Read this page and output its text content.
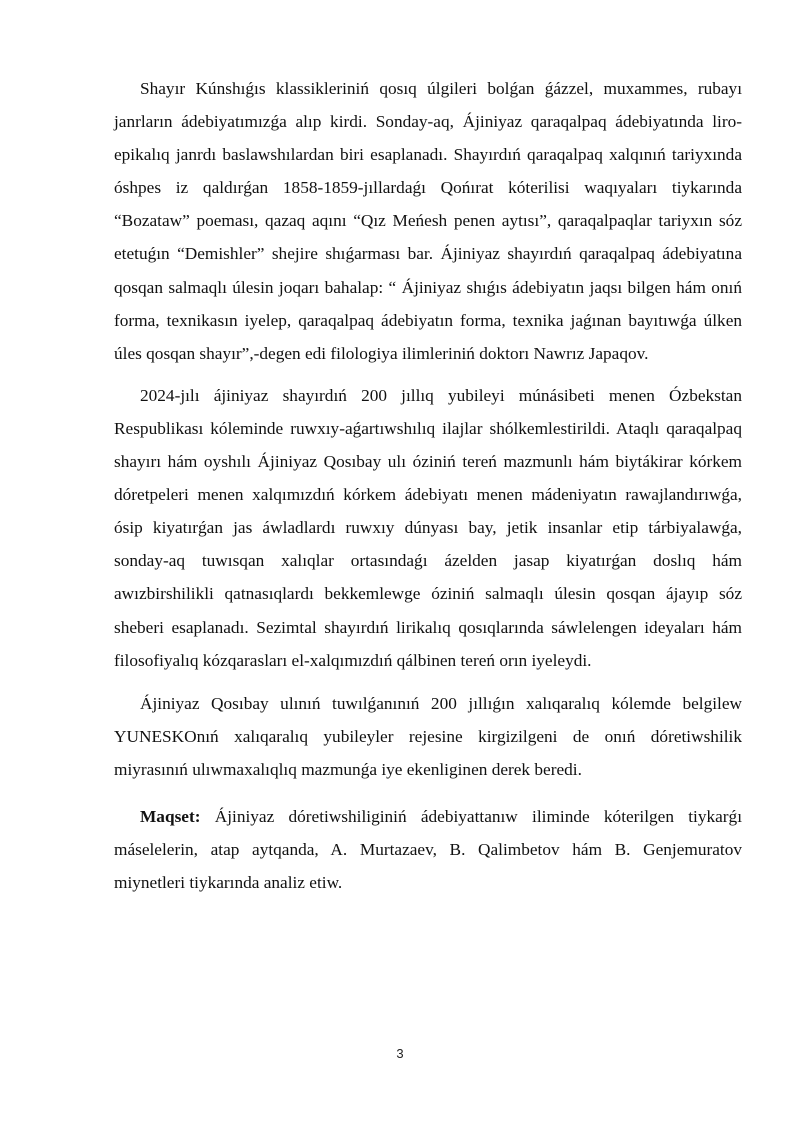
Shayır Kúnshıǵıs klassikleriniń qosıq úlgileri bolǵan ǵázzel, muxammes, rubayı janrların ádebiyatımızǵa alıp kirdi. Sonday-aq, Ájiniyaz qaraqalpaq ádebiyatında liro-epikalıq janrdı baslawshılardan biri esaplanadı. Shayırdıń qaraqalpaq xalqınıń tariyxında óshpes iz qaldırǵan 1858-1859-jıllardaǵı Qońırat kóterilisi waqıyaları tiykarında “Bozataw” poeması, qazaq aqını “Qız Meńesh penen aytısı”, qaraqalpaqlar tariyxın sóz etetuǵın “Demishler” shejire shıǵarması bar. Ájiniyaz shayırdıń qaraqalpaq ádebiyatına qosqan salmaqlı úlesin joqarı bahalap: “ Ájiniyaz shıǵıs ádebiyatın jaqsı bilgen hám onıń forma, texnikasın iyelep, qaraqalpaq ádebiyatın forma, texnika jaǵınan bayıtıwǵa úlken úles qosqan shayır”,-degen edi filologiya ilimleriniń doktorı Nawrız Japaqov.

2024-jılı ájiniyaz shayırdıń 200 jıllıq yubileyi múnásibeti menen Ózbekstan Respublikası kóleminde ruwxıy-aǵartıwshılıq ilajlar shólkemlestirildi. Ataqlı qaraqalpaq shayırı hám oyshılı Ájiniyaz Qosıbay ulı óziniń tereń mazmunlı hám biytákirar kórkem dóretpeleri menen xalqımızdıń kórkem ádebiyatı menen mádeniyatın rawajlandırıwǵa, ósip kiyatırǵan jas áwladlardı ruwxıy dúnyası bay, jetik insanlar etip tárbiyalawǵa, sonday-aq tuwısqan xalıqlar ortasındaǵı ázelden jasap kiyatırǵan doslıq hám awızbirshilikli qatnasıqlardı bekkemlewge óziniń salmaqlı úlesin qosqan ájayıp sóz sheberi esaplanadı. Sezimtal shayırdıń lirikalıq qosıqlarında sáwlelengen ideyaları hám filosofiyalıq kózqarasları el-xalqımızdıń qálbinen tereń orın iyeleydi.

Ájiniyaz Qosıbay ulınıń tuwılǵanınıń 200 jıllıǵın xalıqaralıq kólemde belgilew YUNESKOnıń xalıqaralıq yubileyler rejesine kirgizilgeni de onıń dóretiwshilik miyrasınıń ulıwmaxalıqlıq mazmunǵa iye ekenliginen derek beredi.

Maqset: Ájiniyaz dóretiwshiliginiń ádebiyattanıw iliminde kóterilgen tiykarǵı máselelerin, atap aytqanda, A. Murtazaev, B. Qalimbetov hám B. Genjemuratov miynetleri tiykarında analiz etiw.

3
